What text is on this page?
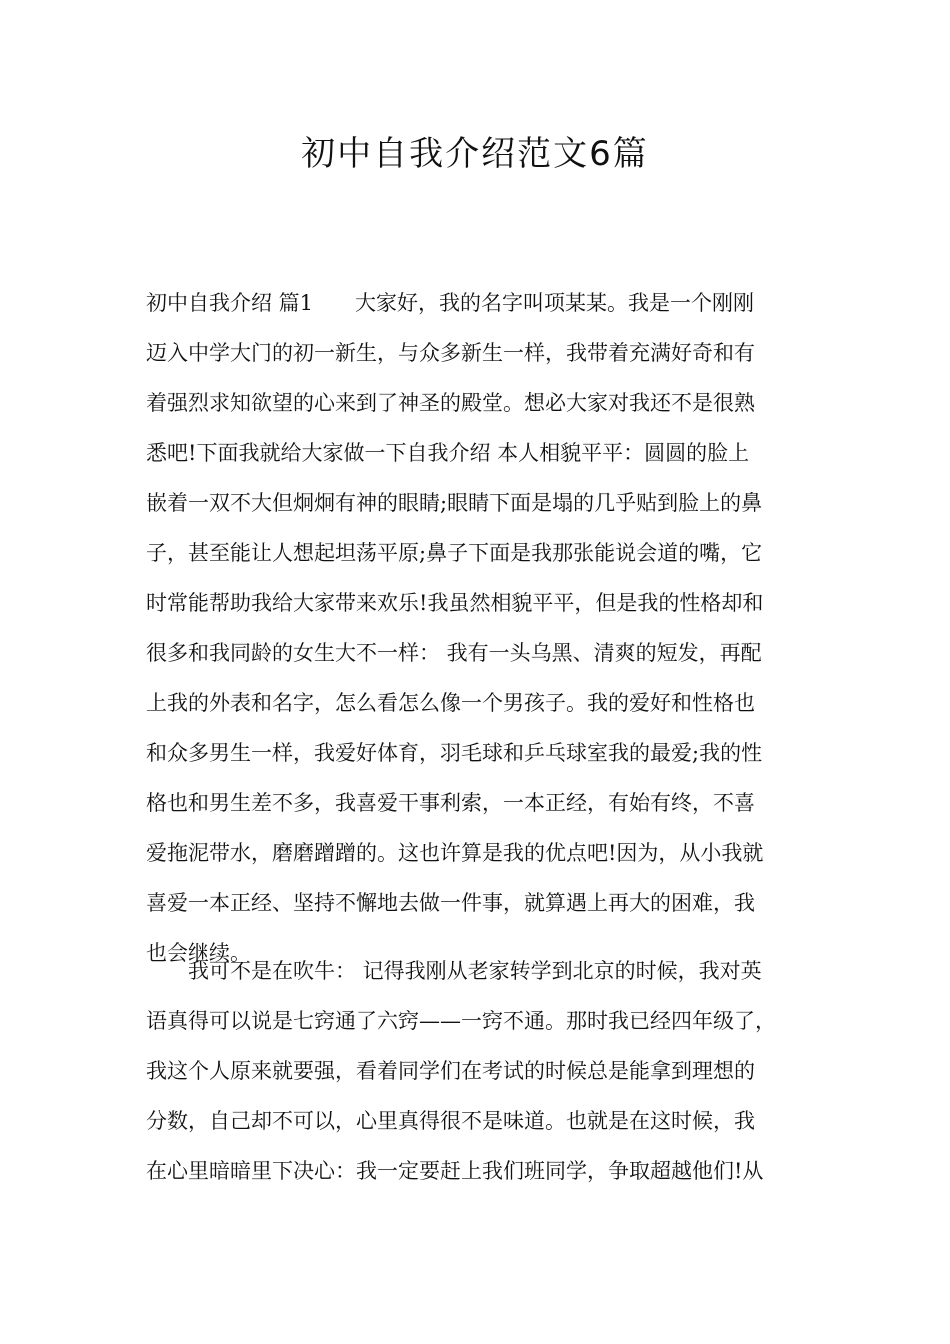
初中自我介绍范文6篇
初中自我介绍 篇1　　大家好，我的名字叫项某某。我是一个刚刚
迈入中学大门的初一新生，与众多新生一样，我带着充满好奇和有
着强烈求知欲望的心来到了神圣的殿堂。想必大家对我还不是很熟
悉吧!下面我就给大家做一下自我介绍 本人相貌平平：圆圆的脸上
嵌着一双不大但炯炯有神的眼睛;眼睛下面是塌的几乎贴到脸上的鼻
子，甚至能让人想起坦荡平原;鼻子下面是我那张能说会道的嘴，它
时常能帮助我给大家带来欢乐!我虽然相貌平平，但是我的性格却和
很多和我同龄的女生大不一样： 我有一头乌黑、清爽的短发，再配
上我的外表和名字，怎么看怎么像一个男孩子。我的爱好和性格也
和众多男生一样，我爱好体育，羽毛球和乒乓球室我的最爱;我的性
格也和男生差不多，我喜爱干事利索，一本正经，有始有终，不喜
爱拖泥带水，磨磨蹭蹭的。这也许算是我的优点吧!因为，从小我就
喜爱一本正经、坚持不懈地去做一件事，就算遇上再大的困难，我
也会继续。
　　我可不是在吹牛： 记得我刚从老家转学到北京的时候，我对英
语真得可以说是七窍通了六窍——一窍不通。那时我已经四年级了，
我这个人原来就要强，看着同学们在考试的时候总是能拿到理想的
分数，自己却不可以，心里真得很不是味道。也就是在这时候，我
在心里暗暗里下决心：我一定要赶上我们班同学，争取超越他们!从
